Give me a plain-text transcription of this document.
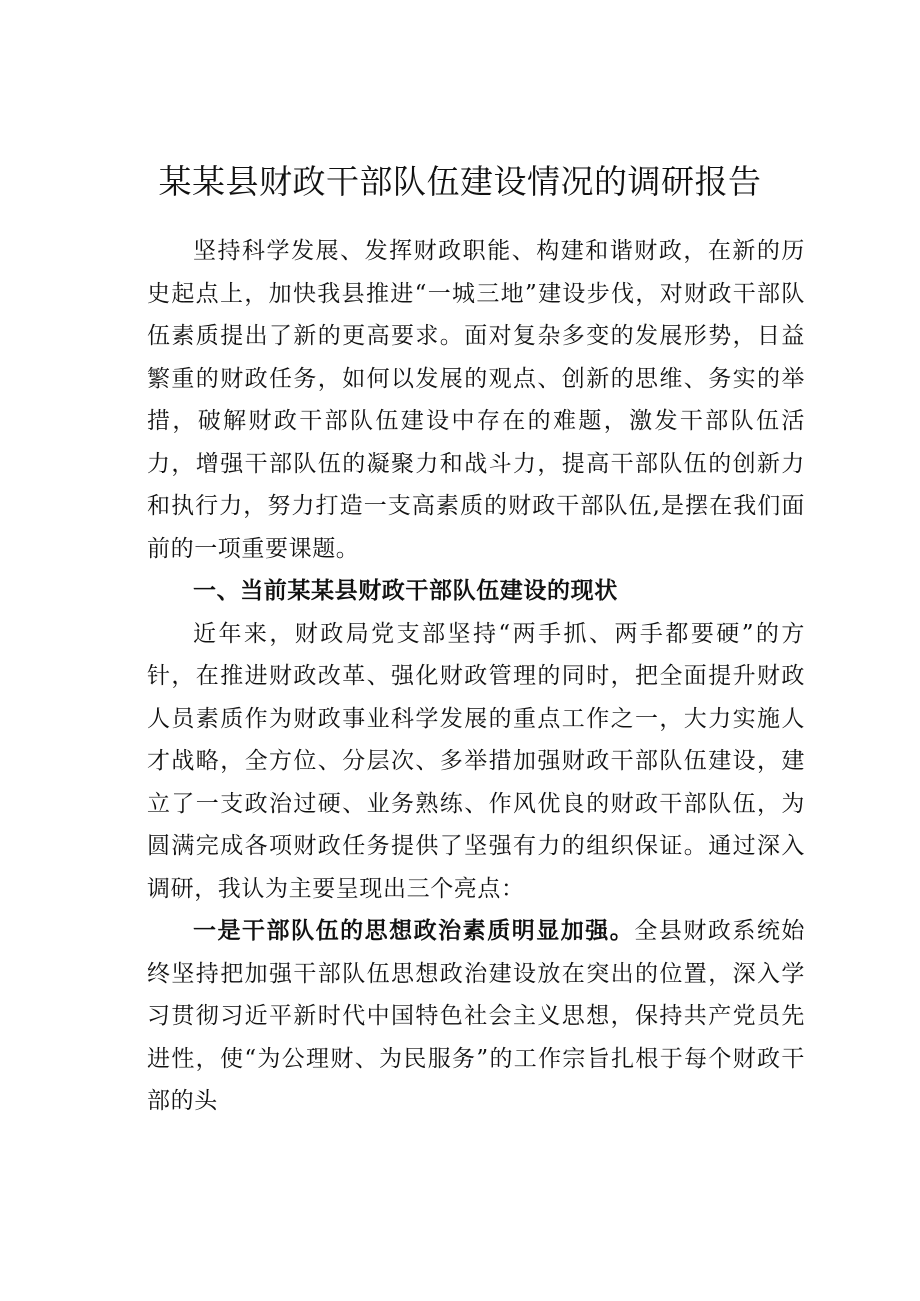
某某县财政干部队伍建设情况的调研报告

坚持科学发展、发挥财政职能、构建和谐财政，在新的历史起点上，加快我县推进“一城三地”建设步伐，对财政干部队伍素质提出了新的更高要求。面对复杂多变的发展形势，日益繁重的财政任务，如何以发展的观点、创新的思维、务实的举措，破解财政干部队伍建设中存在的难题，激发干部队伍活力，增强干部队伍的凝聚力和战斗力，提高干部队伍的创新力和执行力，努力打造一支高素质的财政干部队伍,是摆在我们面前的一项重要课题。

一、当前某某县财政干部队伍建设的现状

近年来，财政局党支部坚持“两手抓、两手都要硬”的方针，在推进财政改革、强化财政管理的同时，把全面提升财政人员素质作为财政事业科学发展的重点工作之一，大力实施人才战略，全方位、分层次、多举措加强财政干部队伍建设，建立了一支政治过硬、业务熟练、作风优良的财政干部队伍，为圆满完成各项财政任务提供了坚强有力的组织保证。通过深入调研，我认为主要呈现出三个亮点：

一是干部队伍的思想政治素质明显加强。全县财政系统始终坚持把加强干部队伍思想政治建设放在突出的位置，深入学习贯彻习近平新时代中国特色社会主义思想，保持共产党员先进性，使“为公理财、为民服务”的工作宗旨扎根于每个财政干部的头
